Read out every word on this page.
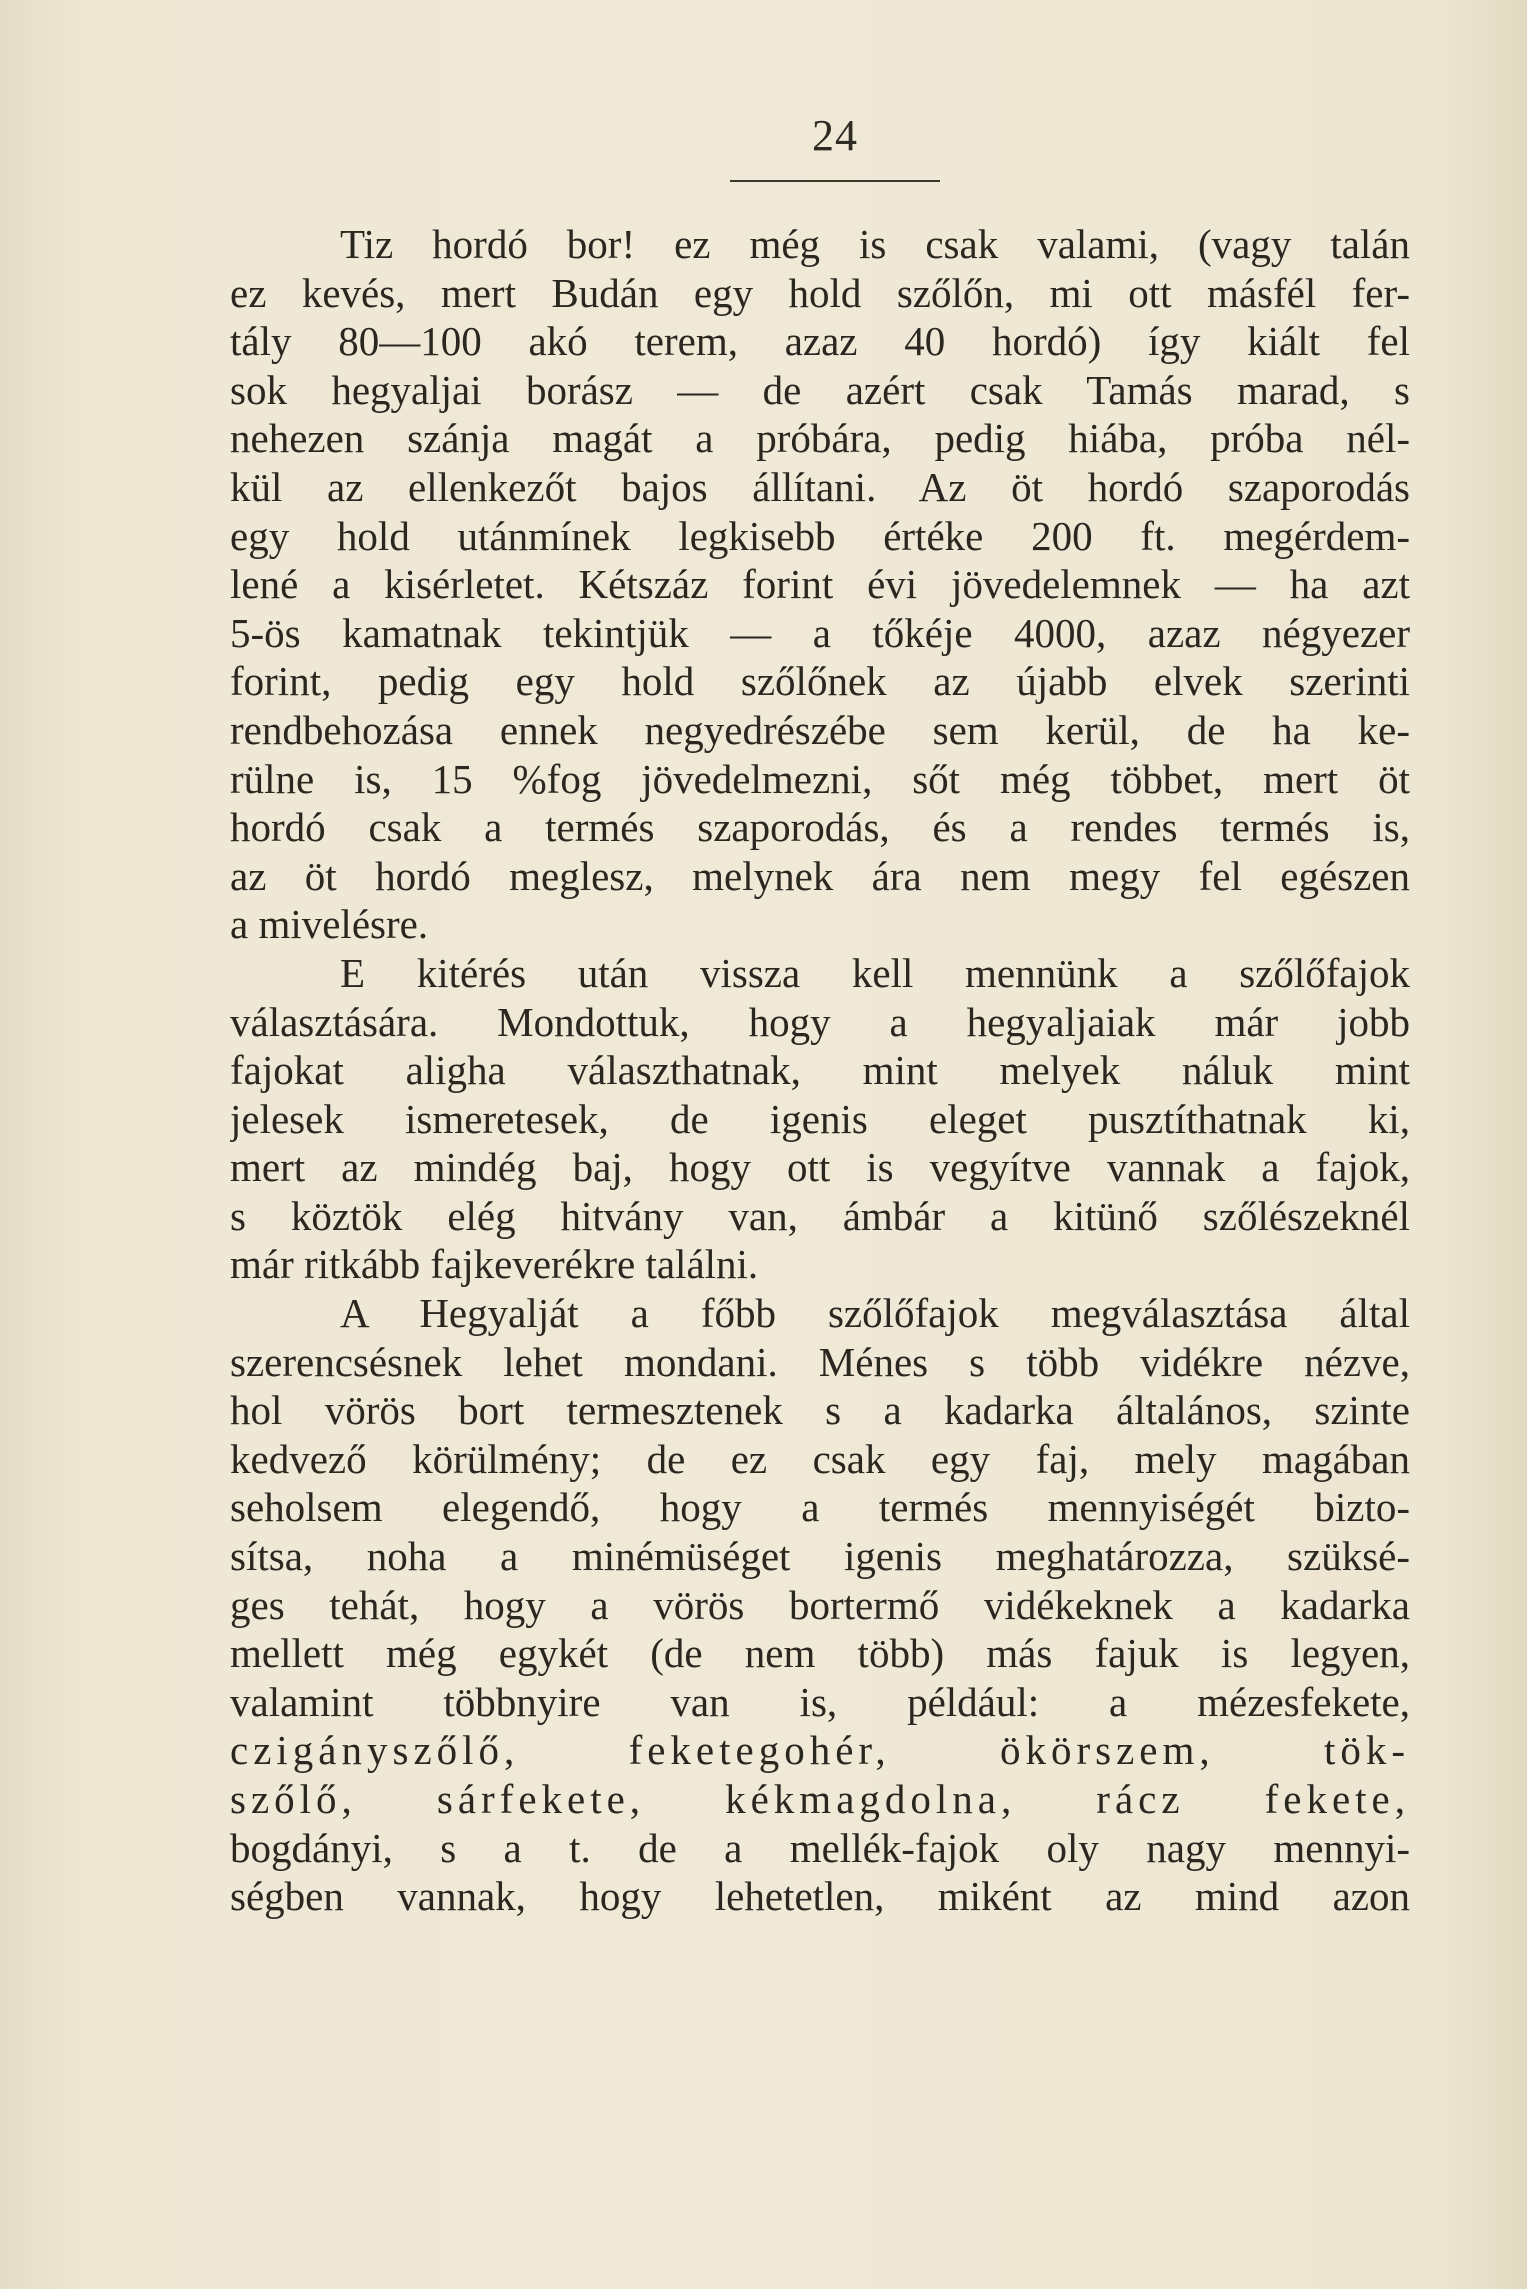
24
Tiz hordó bor! ez még is csak valami, (vagy talán
ez kevés, mert Budán egy hold szőlőn, mi ott másfél fer-
tály 80—100 akó terem, azaz 40 hordó) így kiált fel
sok hegyaljai borász — de azért csak Tamás marad, s
nehezen szánja magát a próbára, pedig hiába, próba nél-
kül az ellenkezőt bajos állítani. Az öt hordó szaporodás
egy hold utánmínek legkisebb értéke 200 ft. megérdem-
lené a kisérletet. Kétszáz forint évi jövedelemnek — ha azt
5-ös kamatnak tekintjük — a tőkéje 4000, azaz négyezer
forint, pedig egy hold szőlőnek az újabb elvek szerinti
rendbehozása ennek negyedrészébe sem kerül, de ha ke-
rülne is, 15 %fog jövedelmezni, sőt még többet, mert öt
hordó csak a termés szaporodás, és a rendes termés is,
az öt hordó meglesz, melynek ára nem megy fel egészen
a mivelésre.
E kitérés után vissza kell mennünk a szőlőfajok
választására. Mondottuk, hogy a hegyaljaiak már jobb
fajokat aligha választhatnak, mint melyek náluk mint
jelesek ismeretesek, de igenis eleget pusztíthatnak ki,
mert az mindég baj, hogy ott is vegyítve vannak a fajok,
s köztök elég hitvány van, ámbár a kitünő szőlészeknél
már ritkább fajkeverékre találni.
A Hegyalját a főbb szőlőfajok megválasztása által
szerencsésnek lehet mondani. Ménes s több vidékre nézve,
hol vörös bort termesztenek s a kadarka általános, szinte
kedvező körülmény; de ez csak egy faj, mely magában
seholsem elegendő, hogy a termés mennyiségét bizto-
sítsa, noha a minémüséget igenis meghatározza, szüksé-
ges tehát, hogy a vörös bortermő vidékeknek a kadarka
mellett még egykét (de nem több) más fajuk is legyen,
valamint többnyire van is, például: a mézesfekete,
czigányszőlő, feketegohér, ökörszem, tök-
szőlő, sárfekete, kékmagdolna, rácz fekete,
bogdányi, s a t. de a mellék-fajok oly nagy mennyi-
ségben vannak, hogy lehetetlen, miként az mind azon
